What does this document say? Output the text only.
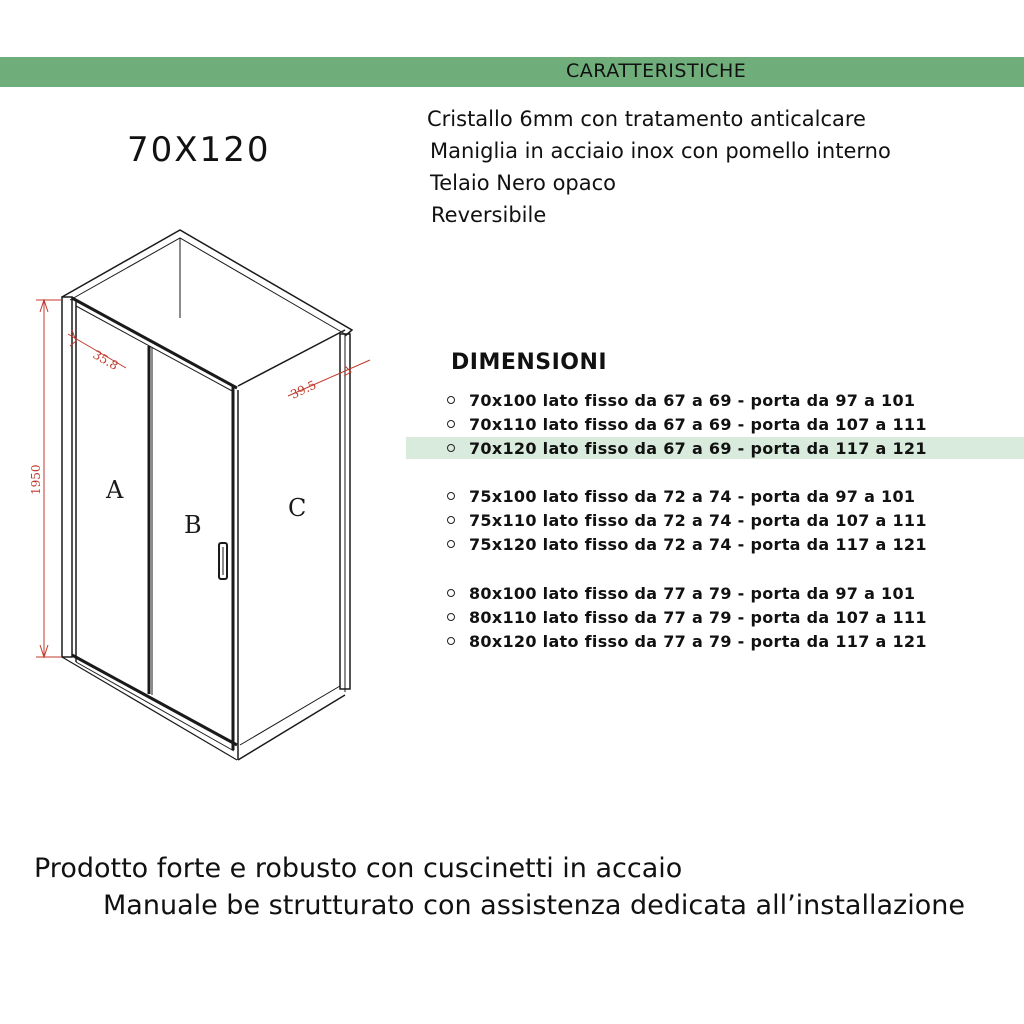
CARATTERISTICHE
70X120
Cristallo 6mm con tratamento anticalcare
Maniglia in acciaio inox con pomello interno
Telaio Nero opaco
Reversibile
1950
35.8
39.5
A
B
C
DIMENSIONI
70x100 lato fisso da 67 a 69 - porta da 97 a 101
70x110 lato fisso da 67 a 69 - porta da 107 a 111
70x120 lato fisso da 67 a 69 - porta da 117 a 121
75x100 lato fisso da 72 a 74 - porta da 97 a 101
75x110 lato fisso da 72 a 74 - porta da 107 a 111
75x120 lato fisso da 72 a 74 - porta da 117 a 121
80x100 lato fisso da 77 a 79 - porta da 97 a 101
80x110 lato fisso da 77 a 79 - porta da 107 a 111
80x120 lato fisso da 77 a 79 - porta da 117 a 121
Prodotto forte e robusto con cuscinetti in accaio
Manuale be strutturato con assistenza dedicata all’installazione
